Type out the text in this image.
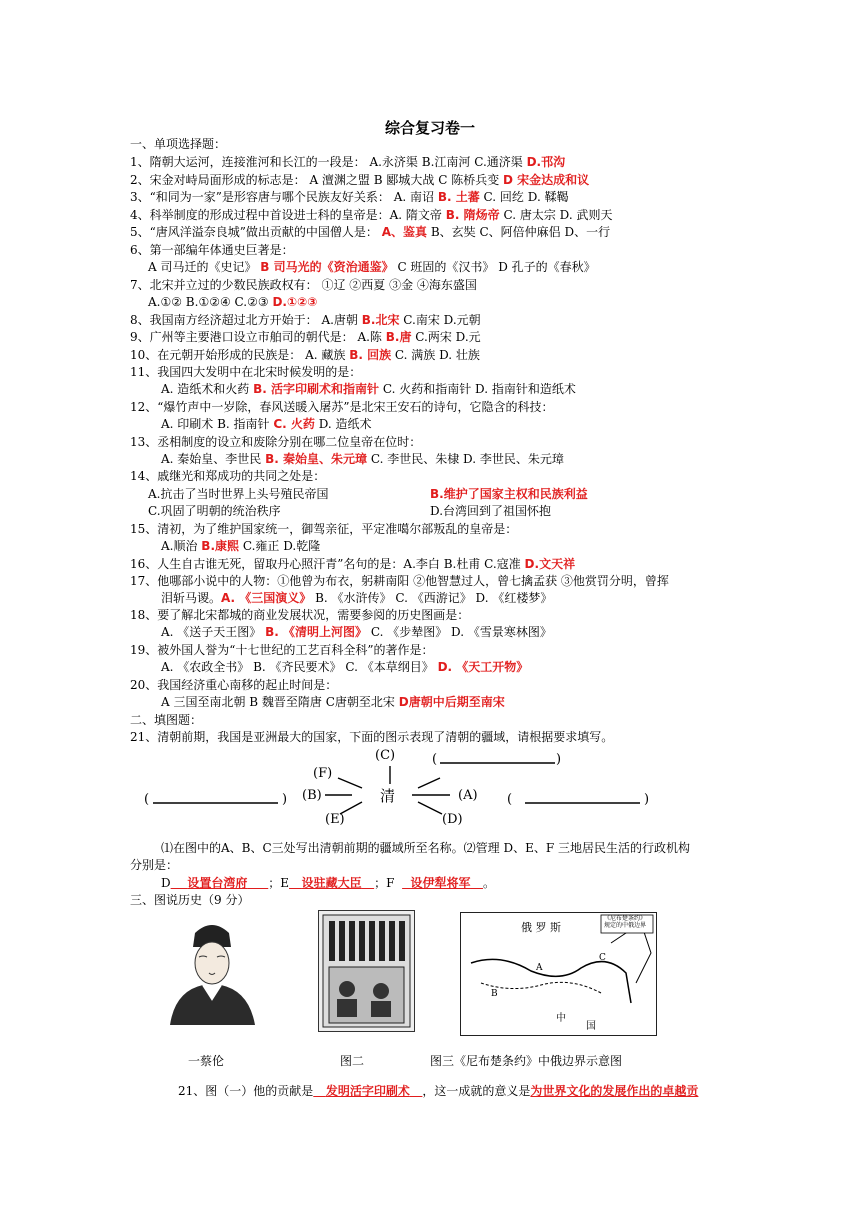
综合复习卷一
一、单项选择题：
1、隋朝大运河，连接淮河和长江的一段是： A.永济渠 B.江南河 C.通济渠 D.邗沟
2、宋金对峙局面形成的标志是： A 澶渊之盟 B 郾城大战 C 陈桥兵变 D 宋金达成和议
3、“和同为一家”是形容唐与哪个民族友好关系： A. 南诏 B. 土蕃 C. 回纥 D. 鞣鞨
4、科举制度的形成过程中首设进士科的皇帝是：A. 隋文帝 B. 隋炀帝 C. 唐太宗 D. 武则天
5、“唐风洋溢奈良城”做出贡献的中国僧人是： A、鉴真 B、玄奘 C、阿倍仲麻侣 D、一行
6、第一部编年体通史巨著是：
A 司马迁的《史记》 B 司马光的《资治通鉴》 C 班固的《汉书》 D 孔子的《春秋》
7、北宋并立过的少数民族政权有： ①辽 ②西夏 ③金 ④海东盛国
A.①② B.①②④ C.②③ D.①②③
8、我国南方经济超过北方开始于： A.唐朝 B.北宋 C.南宋 D.元朝
9、广州等主要港口设立市舶司的朝代是： A.陈 B.唐 C.两宋 D.元
10、在元朝开始形成的民族是： A. 藏族 B. 回族 C. 满族 D. 壮族
11、我国四大发明中在北宋时候发明的是：
A. 造纸术和火药 B. 活字印刷术和指南针 C. 火药和指南针 D. 指南针和造纸术
12、“爆竹声中一岁除，春风送暖入屠苏”是北宋王安石的诗句，它隐含的科技：
A. 印刷术 B. 指南针 C. 火药 D. 造纸术
13、丞相制度的设立和废除分别在哪二位皇帝在位时：
A. 秦始皇、李世民 B. 秦始皇、朱元璋 C. 李世民、朱棣 D. 李世民、朱元璋
14、戚继光和郑成功的共同之处是：
A.抗击了当时世界上头号殖民帝国	B.维护了国家主权和民族利益
C.巩固了明朝的统治秩序	D.台湾回到了祖国怀抱
15、清初，为了维护国家统一，御驾亲征，平定准噶尔部叛乱的皇帝是：
A.顺治 B.康熙 C.雍正 D.乾隆
16、人生自古谁无死，留取丹心照汗青”名句的是：A.李白 B.杜甫 C.寇准 D.文天祥
17、他哪部小说中的人物：①他曾为布衣，躬耕南阳 ②他智慧过人，曾七擒孟获 ③他赏罚分明，曾挥
泪斩马谡。A. 《三国演义》 B. 《水浒传》 C. 《西游记》 D. 《红楼梦》
18、要了解北宋都城的商业发展状况，需要参阅的历史图画是：
A. 《送子天王图》 B. 《清明上河图》 C. 《步辇图》 D. 《雪景寒林图》
19、被外国人誉为“十七世纪的工艺百科全科”的著作是：
A. 《农政全书》 B. 《齐民要术》 C. 《本草纲目》 D. 《天工开物》
20、我国经济重心南移的起止时间是：
A 三国至南北朝 B 魏晋至隋唐 C唐朝至北宋 D唐朝中后期至南宋
二、填图题：
21、清朝前期，我国是亚洲最大的国家，下面的图示表现了清朝的疆域，请根据要求填写。
(C)	(	)
(F)
(B)	清	(A)
(	)	(	)
(E)	(D)
⑴在图中的A、B、C三处写出清朝前期的疆域所至名称。⑵管理 D、E、F 三地居民生活的行政机构
分别是：
D 设置台湾府 ；E 设驻藏大臣 ；F 设伊犁将军 。
三、图说历史（9 分）
俄 罗 斯
《尼布楚条约》
规定的中俄边界
A
B
C
中
国
一蔡伦	图二	图三《尼布楚条约》中俄边界示意图
21、图（一）他的贡献是 发明活字印刷术 ，这一成就的意义是为世界文化的发展作出的卓越贡
